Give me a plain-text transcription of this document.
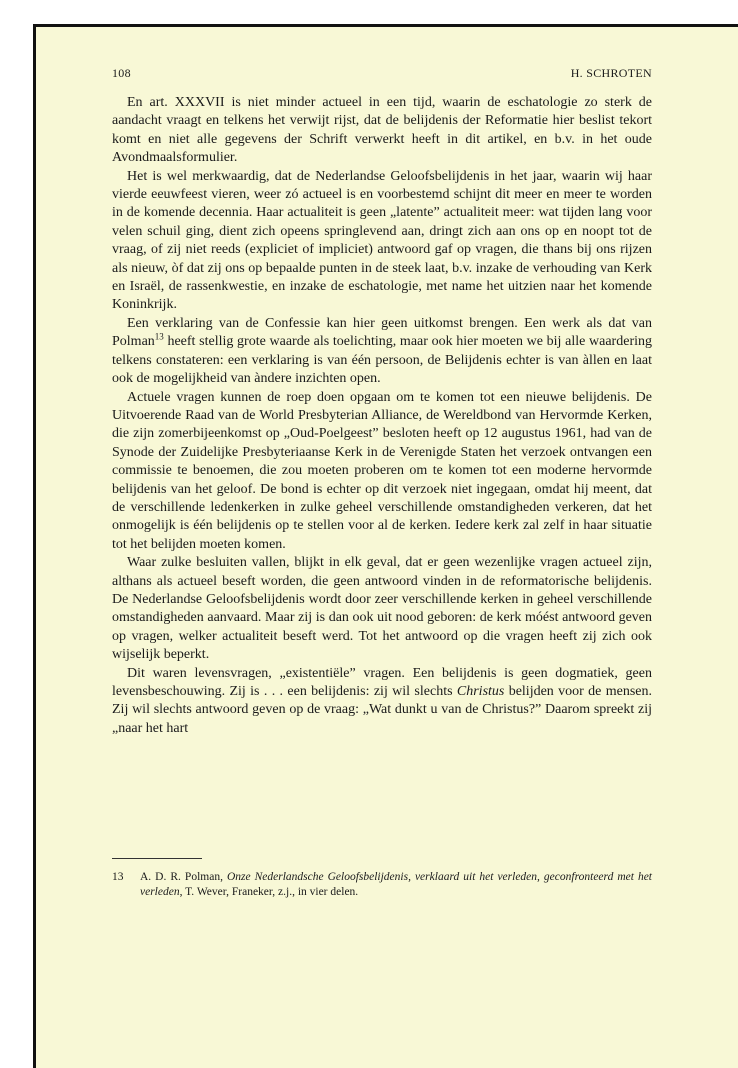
108	H. SCHROTEN

En art. XXXVII is niet minder actueel in een tijd, waarin de eschatologie zo sterk de aandacht vraagt en telkens het verwijt rijst, dat de belijdenis der Reformatie hier beslist tekort komt en niet alle gegevens der Schrift verwerkt heeft in dit artikel, en b.v. in het oude Avondmaalsformulier.

Het is wel merkwaardig, dat de Nederlandse Geloofsbelijdenis in het jaar, waarin wij haar vierde eeuwfeest vieren, weer zó actueel is en voorbestemd schijnt dit meer en meer te worden in de komende decennia. Haar actualiteit is geen „latente” actualiteit meer: wat tijden lang voor velen schuil ging, dient zich opeens springlevend aan, dringt zich aan ons op en noopt tot de vraag, of zij niet reeds (expliciet of impliciet) antwoord gaf op vragen, die thans bij ons rijzen als nieuw, òf dat zij ons op bepaalde punten in de steek laat, b.v. inzake de verhouding van Kerk en Israël, de rassenkwestie, en inzake de eschatologie, met name het uitzien naar het komende Koninkrijk.

Een verklaring van de Confessie kan hier geen uitkomst brengen. Een werk als dat van Polman$^{13}$ heeft stellig grote waarde als toelichting, maar ook hier moeten we bij alle waardering telkens constateren: een verklaring is van één persoon, de Belijdenis echter is van àllen en laat ook de mogelijkheid van àndere inzichten open.

Actuele vragen kunnen de roep doen opgaan om te komen tot een nieuwe belijdenis. De Uitvoerende Raad van de World Presbyterian Alliance, de Wereldbond van Hervormde Kerken, die zijn zomerbijeenkomst op „Oud-Poelgeest” besloten heeft op 12 augustus 1961, had van de Synode der Zuidelijke Presbyteriaanse Kerk in de Verenigde Staten het verzoek ontvangen een commissie te benoemen, die zou moeten proberen om te komen tot een moderne hervormde belijdenis van het geloof. De bond is echter op dit verzoek niet ingegaan, omdat hij meent, dat de verschillende ledenkerken in zulke geheel verschillende omstandigheden verkeren, dat het onmogelijk is één belijdenis op te stellen voor al de kerken. Iedere kerk zal zelf in haar situatie tot het belijden moeten komen.

Waar zulke besluiten vallen, blijkt in elk geval, dat er geen wezenlijke vragen actueel zijn, althans als actueel beseft worden, die geen antwoord vinden in de reformatorische belijdenis. De Nederlandse Geloofsbelijdenis wordt door zeer verschillende kerken in geheel verschillende omstandigheden aanvaard. Maar zij is dan ook uit nood geboren: de kerk móést antwoord geven op vragen, welker actualiteit beseft werd. Tot het antwoord op die vragen heeft zij zich ook wijselijk beperkt.

Dit waren levensvragen, „existentiële” vragen. Een belijdenis is geen dogmatiek, geen levensbeschouwing. Zij is . . . een belijdenis: zij wil slechts Christus belijden voor de mensen. Zij wil slechts antwoord geven op de vraag: „Wat dunkt u van de Christus?” Daarom spreekt zij „naar het hart

13 A. D. R. Polman, Onze Nederlandsche Geloofsbelijdenis, verklaard uit het verleden, geconfronteerd met het verleden, T. Wever, Franeker, z.j., in vier delen.
